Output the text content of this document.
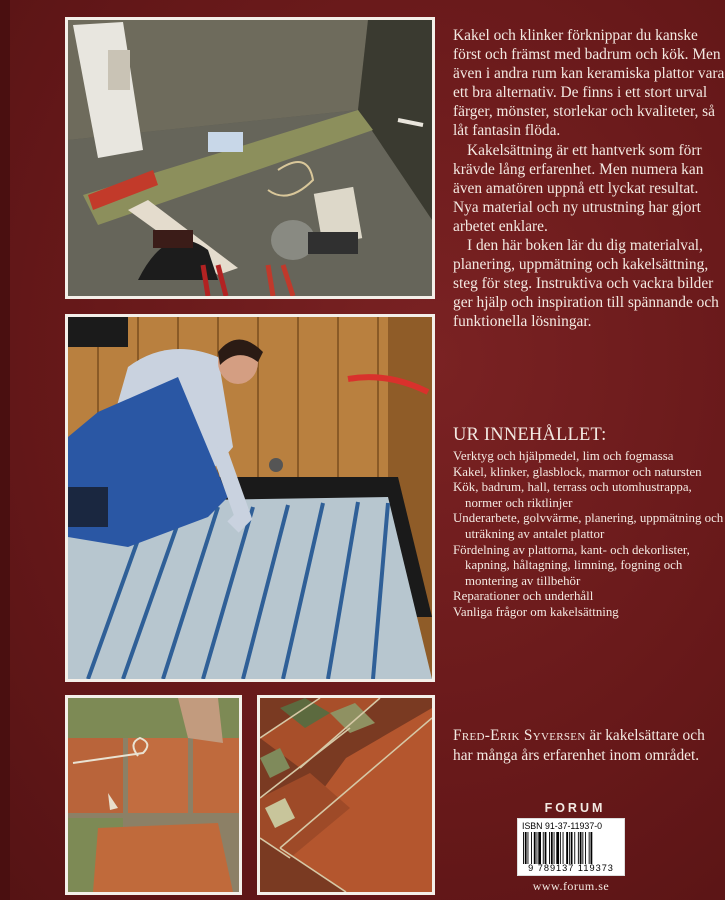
Kakel och klinker förknippar du kanske först och främst med badrum och kök. Men även i andra rum kan keramiska plattor vara ett bra alternativ. De finns i ett stort urval färger, mönster, storlekar och kvaliteter, så låt fantasin flöda.

Kakelsättning är ett hantverk som förr krävde lång erfarenhet. Men numera kan även amatören uppnå ett lyckat resultat. Nya material och ny utrustning har gjort arbetet enklare.

I den här boken lär du dig materialval, planering, uppmätning och kakelsättning, steg för steg. Instruktiva och vackra bilder ger hjälp och inspiration till spännande och funktionella lösningar.

UR INNEHÅLLET:
Verktyg och hjälpmedel, lim och fogmassa
Kakel, klinker, glasblock, marmor och natursten
Kök, badrum, hall, terrass och utomhustrappa, normer och riktlinjer
Underarbete, golvvärme, planering, uppmätning och uträkning av antalet plattor
Fördelning av plattorna, kant- och dekorlister, kapning, håltagning, limning, fogning och montering av tillbehör
Reparationer och underhåll
Vanliga frågor om kakelsättning
Fred-Erik Syversen är kakelsättare och har många års erfarenhet inom området.
FORUM
ISBN 91-37-11937-0
9 789137 119373
www.forum.se
